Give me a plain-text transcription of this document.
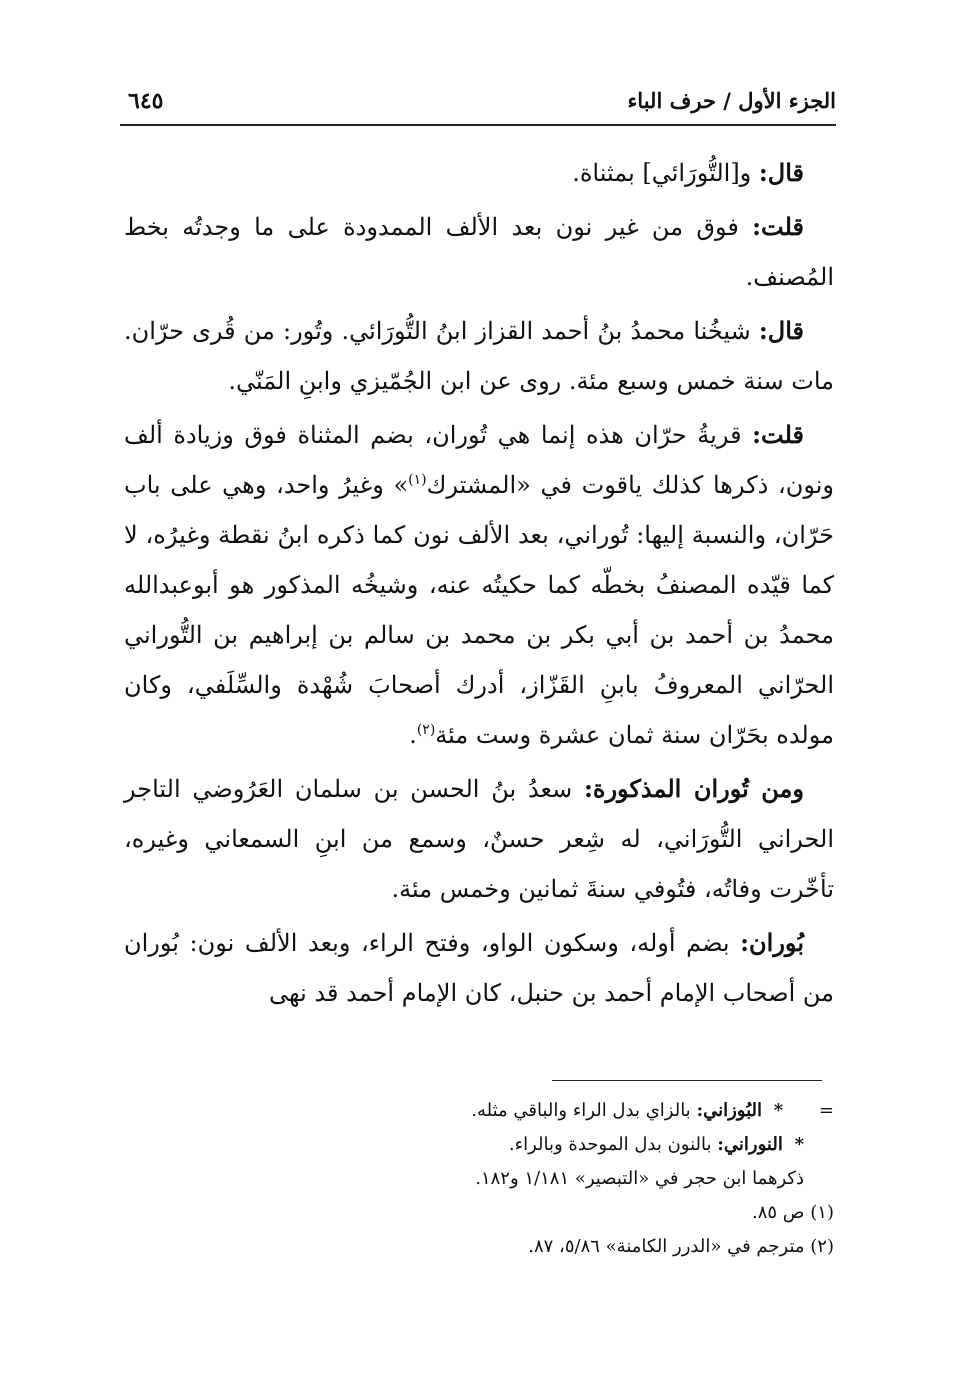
الجزء الأول / حرف الباء
٦٤٥

قال: و[التُّورَائي] بمثناة.

قلت: فوق من غير نون بعد الألف الممدودة على ما وجدتُه بخط المُصنف.

قال: شيخُنا محمدُ بنُ أحمد القزاز ابنُ التُّورَائي. وتُور: من قُرى حرّان. مات سنة خمس وسبع مئة. روى عن ابن الجُمّيزي وابنِ المَنّي.

قلت: قريةُ حرّان هذه إنما هي تُوران، بضم المثناة فوق وزيادة ألف ونون، ذكرها كذلك ياقوت في «المشترك$^{(١)}$» وغيرُ واحد، وهي على باب حَرّان، والنسبة إليها: تُوراني، بعد الألف نون كما ذكره ابنُ نقطة وغيرُه، لا كما قيّده المصنفُ بخطّه كما حكيتُه عنه، وشيخُه المذكور هو أبوعبدالله محمدُ بن أحمد بن أبي بكر بن محمد بن سالم بن إبراهيم بن التُّوراني الحرّاني المعروفُ بابنِ القَزّاز، أدرك أصحابَ شُهْدة والسِّلَفي، وكان مولده بحَرّان سنة ثمان عشرة وست مئة$^{(٢)}$.

ومن تُوران المذكورة: سعدُ بنُ الحسن بن سلمان العَرُوضي التاجر الحراني التُّورَاني، له شِعر حسنٌ، وسمع من ابنِ السمعاني وغيره، تأخّرت وفاتُه، فتُوفي سنةَ ثمانين وخمس مئة.

بُوران: بضم أوله، وسكون الواو، وفتح الراء، وبعد الألف نون: بُوران من أصحاب الإمام أحمد بن حنبل، كان الإمام أحمد قد نهى

= * البُوزاني: بالزاي بدل الراء والباقي مثله.
* النوراني: بالنون بدل الموحدة وبالراء.
ذكرهما ابن حجر في «التبصير» ١/١٨١ و١٨٢.
(١) ص ٨٥.
(٢) مترجم في «الدرر الكامنة» ٥/٨٦، ٨٧.
